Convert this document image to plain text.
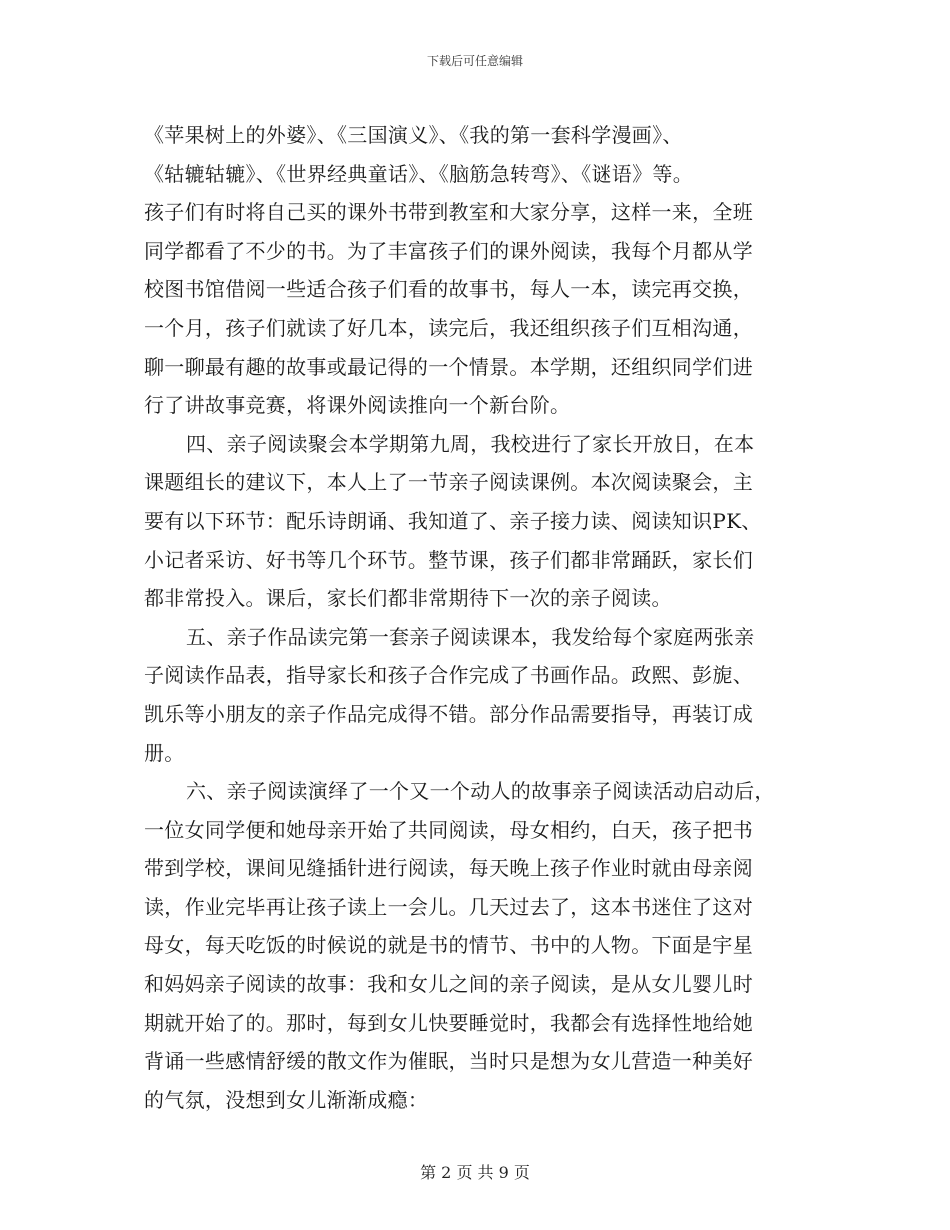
下载后可任意编辑
《苹果树上的外婆》、《三国演义》、《我的第一套科学漫画》、
《轱辘轱辘》、《世界经典童话》、《脑筋急转弯》、《谜语》等。
孩子们有时将自己买的课外书带到教室和大家分享，这样一来，全班
同学都看了不少的书。为了丰富孩子们的课外阅读，我每个月都从学
校图书馆借阅一些适合孩子们看的故事书，每人一本，读完再交换，
一个月，孩子们就读了好几本，读完后，我还组织孩子们互相沟通，
聊一聊最有趣的故事或最记得的一个情景。本学期，还组织同学们进
行了讲故事竞赛，将课外阅读推向一个新台阶。
四、亲子阅读聚会本学期第九周，我校进行了家长开放日，在本
课题组长的建议下，本人上了一节亲子阅读课例。本次阅读聚会，主
要有以下环节：配乐诗朗诵、我知道了、亲子接力读、阅读知识PK、
小记者采访、好书等几个环节。整节课，孩子们都非常踊跃，家长们
都非常投入。课后，家长们都非常期待下一次的亲子阅读。
五、亲子作品读完第一套亲子阅读课本，我发给每个家庭两张亲
子阅读作品表，指导家长和孩子合作完成了书画作品。政熙、彭旎、
凯乐等小朋友的亲子作品完成得不错。部分作品需要指导，再装订成
册。
六、亲子阅读演绎了一个又一个动人的故事亲子阅读活动启动后，
一位女同学便和她母亲开始了共同阅读，母女相约，白天，孩子把书
带到学校，课间见缝插针进行阅读，每天晚上孩子作业时就由母亲阅
读，作业完毕再让孩子读上一会儿。几天过去了，这本书迷住了这对
母女，每天吃饭的时候说的就是书的情节、书中的人物。下面是宇星
和妈妈亲子阅读的故事：我和女儿之间的亲子阅读，是从女儿婴儿时
期就开始了的。那时，每到女儿快要睡觉时，我都会有选择性地给她
背诵一些感情舒缓的散文作为催眠，当时只是想为女儿营造一种美好
的气氛，没想到女儿渐渐成瘾：
第 2 页 共 9 页
